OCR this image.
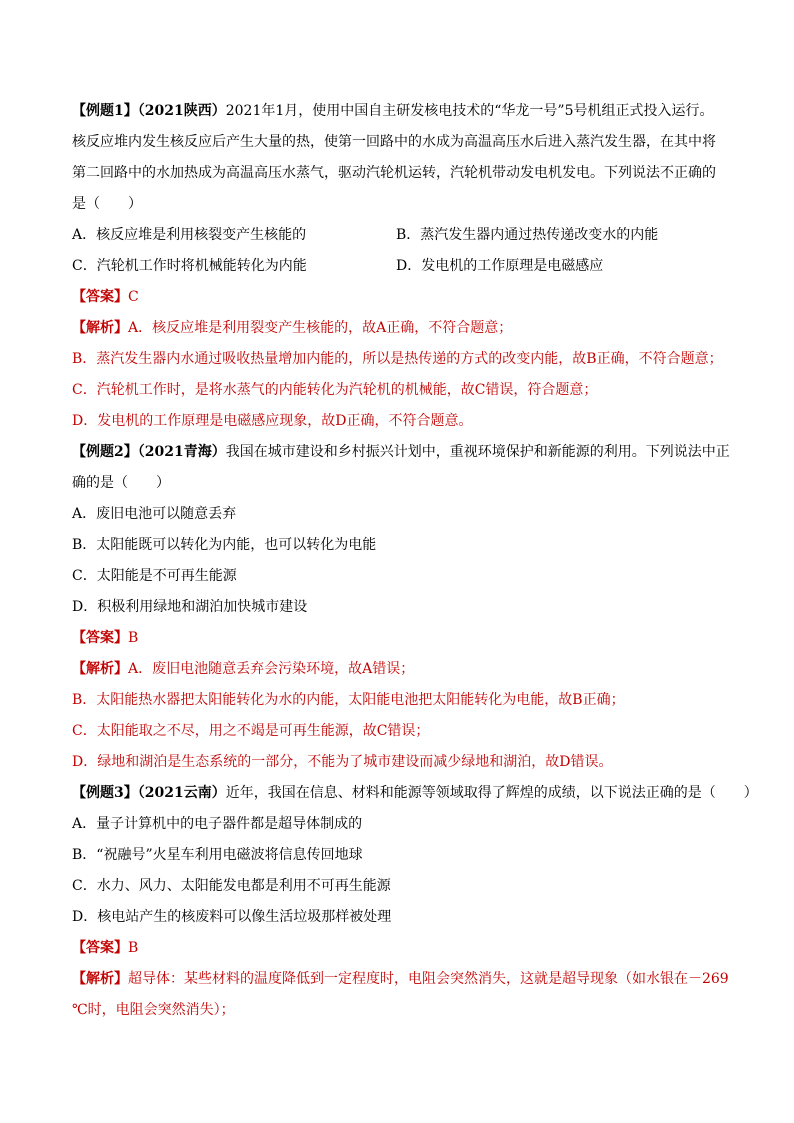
【例题1】（2021陕西）2021年1月，使用中国自主研发核电技术的“华龙一号”5号机组正式投入运行。
核反应堆内发生核反应后产生大量的热，使第一回路中的水成为高温高压水后进入蒸汽发生器，在其中将
第二回路中的水加热成为高温高压水蒸气，驱动汽轮机运转，汽轮机带动发电机发电。下列说法不正确的
是（　　）
A．核反应堆是利用核裂变产生核能的	B．蒸汽发生器内通过热传递改变水的内能
C．汽轮机工作时将机械能转化为内能	D．发电机的工作原理是电磁感应
【答案】C
【解析】A．核反应堆是利用裂变产生核能的，故A正确，不符合题意；
B．蒸汽发生器内水通过吸收热量增加内能的，所以是热传递的方式的改变内能，故B正确，不符合题意；
C．汽轮机工作时，是将水蒸气的内能转化为汽轮机的机械能，故C错误，符合题意；
D．发电机的工作原理是电磁感应现象，故D正确，不符合题意。
【例题2】（2021青海）我国在城市建设和乡村振兴计划中，重视环境保护和新能源的利用。下列说法中正
确的是（　　）
A．废旧电池可以随意丢弃
B．太阳能既可以转化为内能，也可以转化为电能
C．太阳能是不可再生能源
D．积极利用绿地和湖泊加快城市建设
【答案】B
【解析】A．废旧电池随意丢弃会污染环境，故A错误；
B．太阳能热水器把太阳能转化为水的内能，太阳能电池把太阳能转化为电能，故B正确；
C．太阳能取之不尽，用之不竭是可再生能源，故C错误；
D．绿地和湖泊是生态系统的一部分，不能为了城市建设而减少绿地和湖泊，故D错误。
【例题3】（2021云南）近年，我国在信息、材料和能源等领域取得了辉煌的成绩，以下说法正确的是（　　）
A．量子计算机中的电子器件都是超导体制成的
B．“祝融号”火星车利用电磁波将信息传回地球
C．水力、风力、太阳能发电都是利用不可再生能源
D．核电站产生的核废料可以像生活垃圾那样被处理
【答案】B
【解析】超导体：某些材料的温度降低到一定程度时，电阻会突然消失，这就是超导现象（如水银在－269
℃时，电阻会突然消失）；
